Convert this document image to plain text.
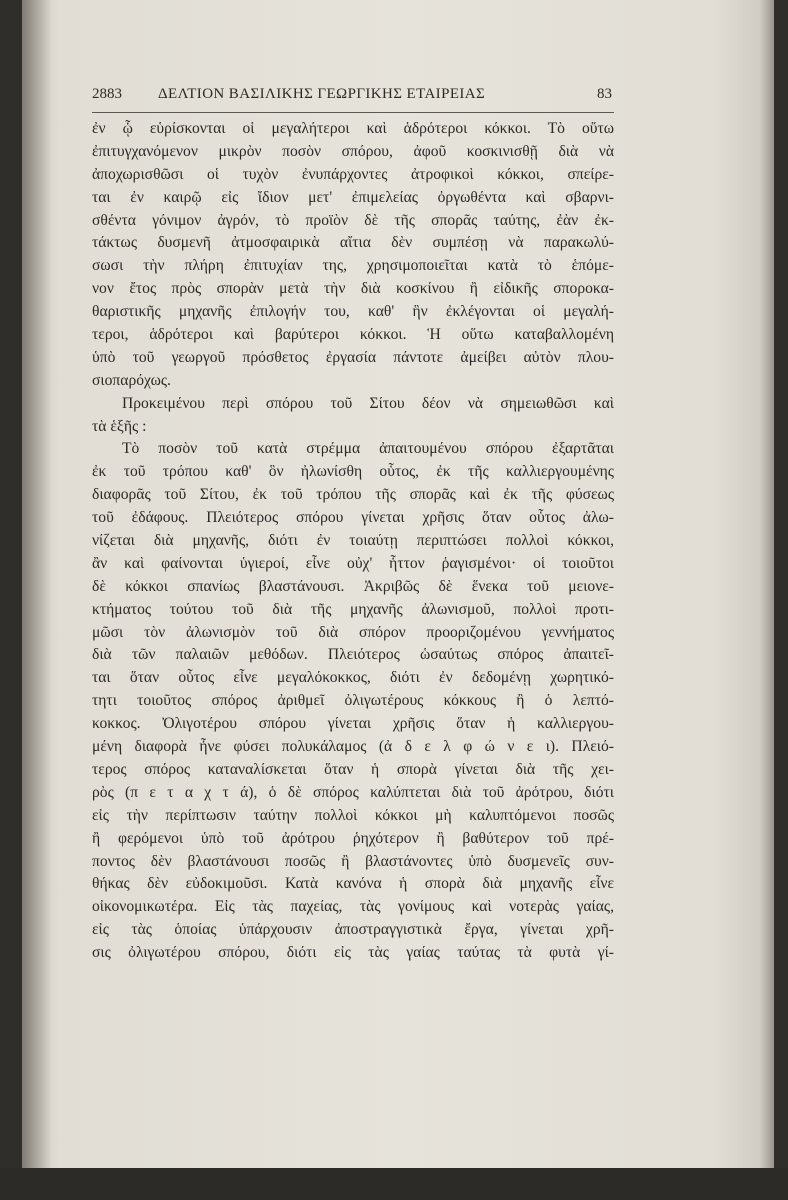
2883 ΔΕΛΤΙΟΝ ΒΑΣΙΛΙΚΗΣ ΓΕΩΡΓΙΚΗΣ ΕΤΑΙΡΕΙΑΣ	83
ἐν ᾧ εὑρίσκονται οἱ μεγαλήτεροι καὶ ἁδρότεροι κόκκοι. Τὸ οὕτω
ἐπιτυγχανόμενον μικρὸν ποσὸν σπόρου, ἀφοῦ κοσκινισθῇ διὰ νὰ
ἀποχωρισθῶσι οἱ τυχὸν ἐνυπάρχοντες ἀτροφικοὶ κόκκοι, σπείρε-
ται ἐν καιρῷ εἰς ἴδιον μετ' ἐπιμελείας ὀργωθέντα καὶ σβαρνι-
σθέντα γόνιμον ἀγρόν, τὸ προϊὸν δὲ τῆς σπορᾶς ταύτης, ἐὰν ἐκ-
τάκτως δυσμενῆ ἀτμοσφαιρικὰ αἴτια δὲν συμπέσῃ νὰ παρακωλύ-
σωσι τὴν πλήρη ἐπιτυχίαν της, χρησιμοποιεῖται κατὰ τὸ ἑπόμε-
νον ἔτος πρὸς σπορὰν μετὰ τὴν διὰ κοσκίνου ἢ εἰδικῆς σποροκα-
θαριστικῆς μηχανῆς ἐπιλογήν του, καθ' ἣν ἐκλέγονται οἱ μεγαλή-
τεροι, ἁδρότεροι καὶ βαρύτεροι κόκκοι. Ἡ οὕτω καταβαλλομένη
ὑπὸ τοῦ γεωργοῦ πρόσθετος ἐργασία πάντοτε ἀμείβει αὐτὸν πλου-
σιοπαρόχως.
Προκειμένου περὶ σπόρου τοῦ Σίτου δέον νὰ σημειωθῶσι καὶ
τὰ ἑξῆς :
Τὸ ποσὸν τοῦ κατὰ στρέμμα ἀπαιτουμένου σπόρου ἐξαρτᾶται
ἐκ τοῦ τρόπου καθ' ὃν ἠλωνίσθη οὗτος, ἐκ τῆς καλλιεργουμένης
διαφορᾶς τοῦ Σίτου, ἐκ τοῦ τρόπου τῆς σπορᾶς καὶ ἐκ τῆς φύσεως
τοῦ ἐδάφους. Πλειότερος σπόρου γίνεται χρῆσις ὅταν οὗτος ἀλω-
νίζεται διὰ μηχανῆς, διότι ἐν τοιαύτῃ περιπτώσει πολλοὶ κόκκοι,
ἂν καὶ φαίνονται ὑγιεροί, εἶνε οὐχ' ἧττον ῥαγισμένοι· οἱ τοιοῦτοι
δὲ κόκκοι σπανίως βλαστάνουσι. Ἀκριβῶς δὲ ἕνεκα τοῦ μειονε-
κτήματος τούτου τοῦ διὰ τῆς μηχανῆς ἀλωνισμοῦ, πολλοὶ προτι-
μῶσι τὸν ἀλωνισμὸν τοῦ διὰ σπόρον προοριζομένου γεννήματος
διὰ τῶν παλαιῶν μεθόδων. Πλειότερος ὡσαύτως σπόρος ἀπαιτεῖ-
ται ὅταν οὗτος εἶνε μεγαλόκοκκος, διότι ἐν δεδομένῃ χωρητικό-
τητι τοιοῦτος σπόρος ἀριθμεῖ ὀλιγωτέρους κόκκους ἢ ὁ λεπτό-
κοκκος. Ὀλιγοτέρου σπόρου γίνεται χρῆσις ὅταν ἡ καλλιεργου-
μένη διαφορὰ ἦνε φύσει πολυκάλαμος (ἀ δ ε λ φ ώ ν ε ι). Πλειό-
τερος σπόρος καταναλίσκεται ὅταν ἡ σπορὰ γίνεται διὰ τῆς χει-
ρὸς (π ε τ α χ τ ά), ὁ δὲ σπόρος καλύπτεται διὰ τοῦ ἀρότρου, διότι
εἰς τὴν περίπτωσιν ταύτην πολλοὶ κόκκοι μὴ καλυπτόμενοι ποσῶς
ἢ φερόμενοι ὑπὸ τοῦ ἀρότρου ῥηχότερον ἢ βαθύτερον τοῦ πρέ-
ποντος δὲν βλαστάνουσι ποσῶς ἢ βλαστάνοντες ὑπὸ δυσμενεῖς συν-
θήκας δὲν εὐδοκιμοῦσι. Κατὰ κανόνα ἡ σπορὰ διὰ μηχανῆς εἶνε
οἰκονομικωτέρα. Εἰς τὰς παχείας, τὰς γονίμους καὶ νοτερὰς γαίας,
εἰς τὰς ὁποίας ὑπάρχουσιν ἀποστραγγιστικὰ ἔργα, γίνεται χρῆ-
σις ὀλιγωτέρου σπόρου, διότι εἰς τὰς γαίας ταύτας τὰ φυτὰ γί-
